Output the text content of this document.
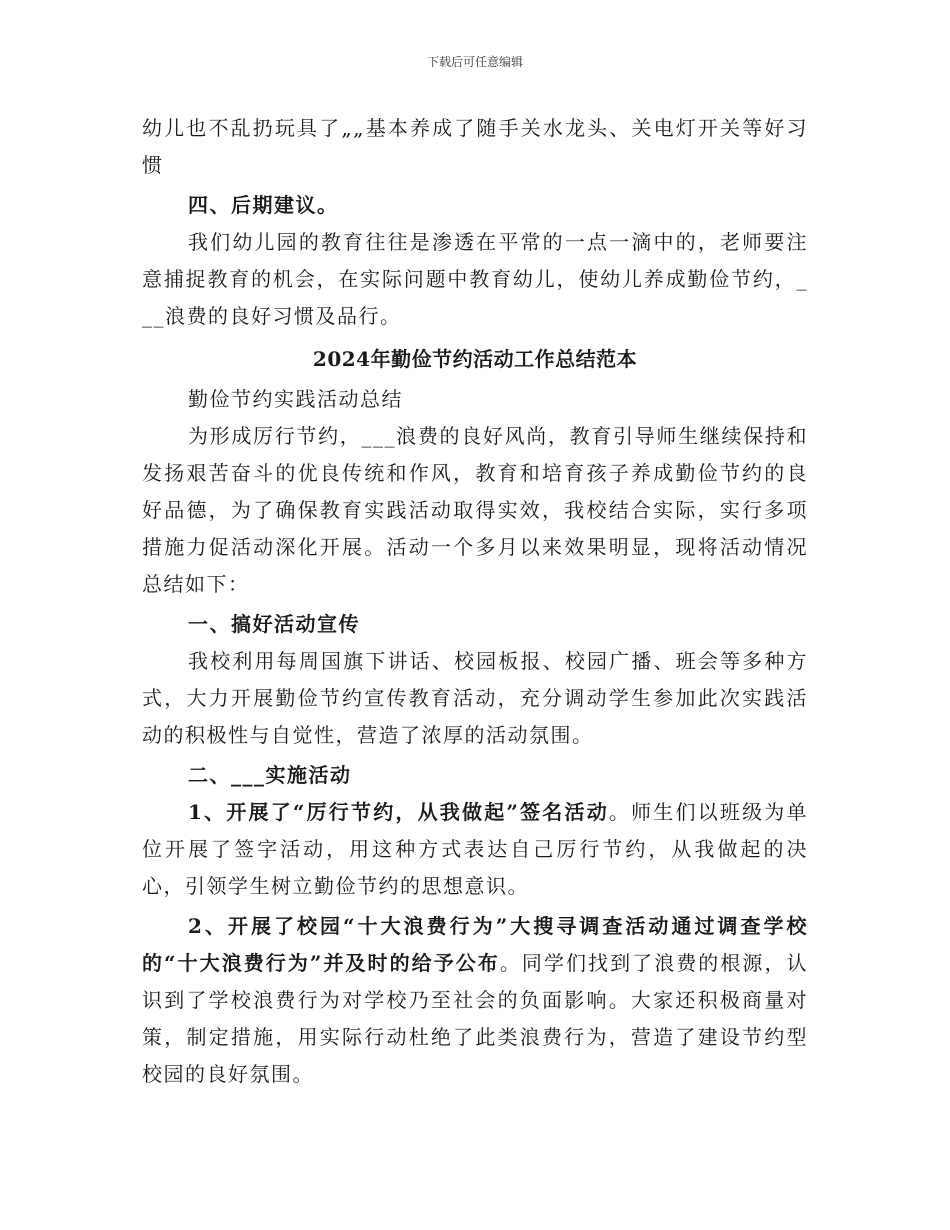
下载后可任意编辑

幼儿也不乱扔玩具了„„基本养成了随手关水龙头、关电灯开关等好习惯

四、后期建议。

我们幼儿园的教育往往是渗透在平常的一点一滴中的，老师要注意捕捉教育的机会，在实际问题中教育幼儿，使幼儿养成勤俭节约，___浪费的良好习惯及品行。

2024年勤俭节约活动工作总结范本

勤俭节约实践活动总结

为形成厉行节约，___浪费的良好风尚，教育引导师生继续保持和发扬艰苦奋斗的优良传统和作风，教育和培育孩子养成勤俭节约的良好品德，为了确保教育实践活动取得实效，我校结合实际，实行多项措施力促活动深化开展。活动一个多月以来效果明显，现将活动情况总结如下：

一、搞好活动宣传

我校利用每周国旗下讲话、校园板报、校园广播、班会等多种方式，大力开展勤俭节约宣传教育活动，充分调动学生参加此次实践活动的积极性与自觉性，营造了浓厚的活动氛围。

二、___实施活动

1、开展了“厉行节约，从我做起”签名活动。师生们以班级为单位开展了签字活动，用这种方式表达自己厉行节约，从我做起的决心，引领学生树立勤俭节约的思想意识。

2、开展了校园“十大浪费行为”大搜寻调查活动通过调查学校的“十大浪费行为”并及时的给予公布。同学们找到了浪费的根源，认识到了学校浪费行为对学校乃至社会的负面影响。大家还积极商量对策，制定措施，用实际行动杜绝了此类浪费行为，营造了建设节约型校园的良好氛围。
